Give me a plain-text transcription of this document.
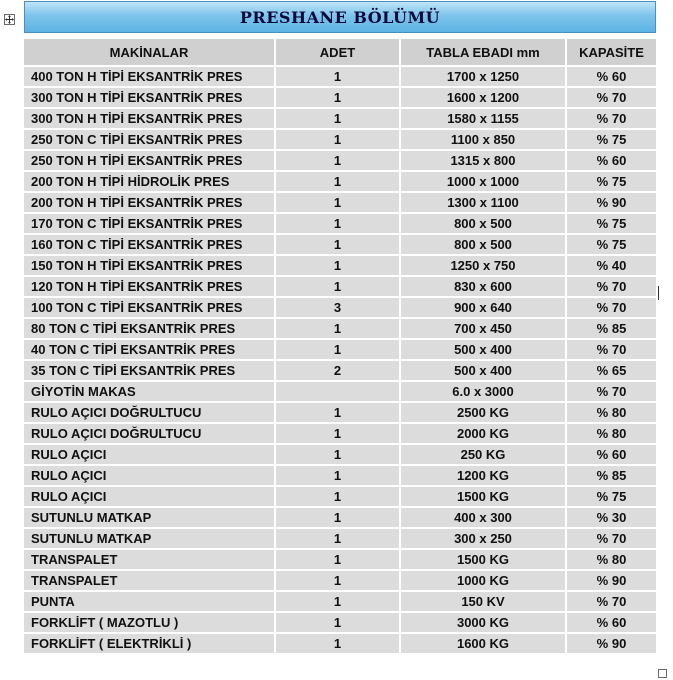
PRESHANE BÖLÜMÜ
MAKİNALAR	ADET	TABLA EBADI mm	KAPASİTE
400 TON H TİPİ EKSANTRİK PRES	1	1700 x 1250	% 60
300 TON H TİPİ EKSANTRİK PRES	1	1600 x 1200	% 70
300 TON H TİPİ EKSANTRİK PRES	1	1580 x 1155	% 70
250 TON C TİPİ EKSANTRİK PRES	1	1100 x 850	% 75
250 TON H TİPİ EKSANTRİK PRES	1	1315 x 800	% 60
200 TON H TİPİ HİDROLİK PRES	1	1000 x 1000	% 75
200 TON H TİPİ EKSANTRİK PRES	1	1300 x 1100	% 90
170 TON C TİPİ EKSANTRİK PRES	1	800 x 500	% 75
160 TON C TİPİ EKSANTRİK PRES	1	800 x 500	% 75
150 TON H TİPİ EKSANTRİK PRES	1	1250 x 750	% 40
120 TON H TİPİ EKSANTRİK PRES	1	830 x 600	% 70
100 TON C TİPİ EKSANTRİK PRES	3	900 x 640	% 70
80 TON C TİPİ EKSANTRİK PRES	1	700 x 450	% 85
40 TON C TİPİ EKSANTRİK PRES	1	500 x 400	% 70
35 TON C TİPİ EKSANTRİK PRES	2	500 x 400	% 65
GİYOTİN MAKAS		6.0 x 3000	% 70
RULO AÇICI DOĞRULTUCU	1	2500 KG	% 80
RULO AÇICI DOĞRULTUCU	1	2000 KG	% 80
RULO AÇICI	1	250 KG	% 60
RULO AÇICI	1	1200 KG	% 85
RULO AÇICI	1	1500 KG	% 75
SUTUNLU MATKAP	1	400 x 300	% 30
SUTUNLU MATKAP	1	300 x 250	% 70
TRANSPALET	1	1500 KG	% 80
TRANSPALET	1	1000 KG	% 90
PUNTA	1	150 KV	% 70
FORKLİFT ( MAZOTLU )	1	3000 KG	% 60
FORKLİFT ( ELEKTRİKLİ )	1	1600 KG	% 90
